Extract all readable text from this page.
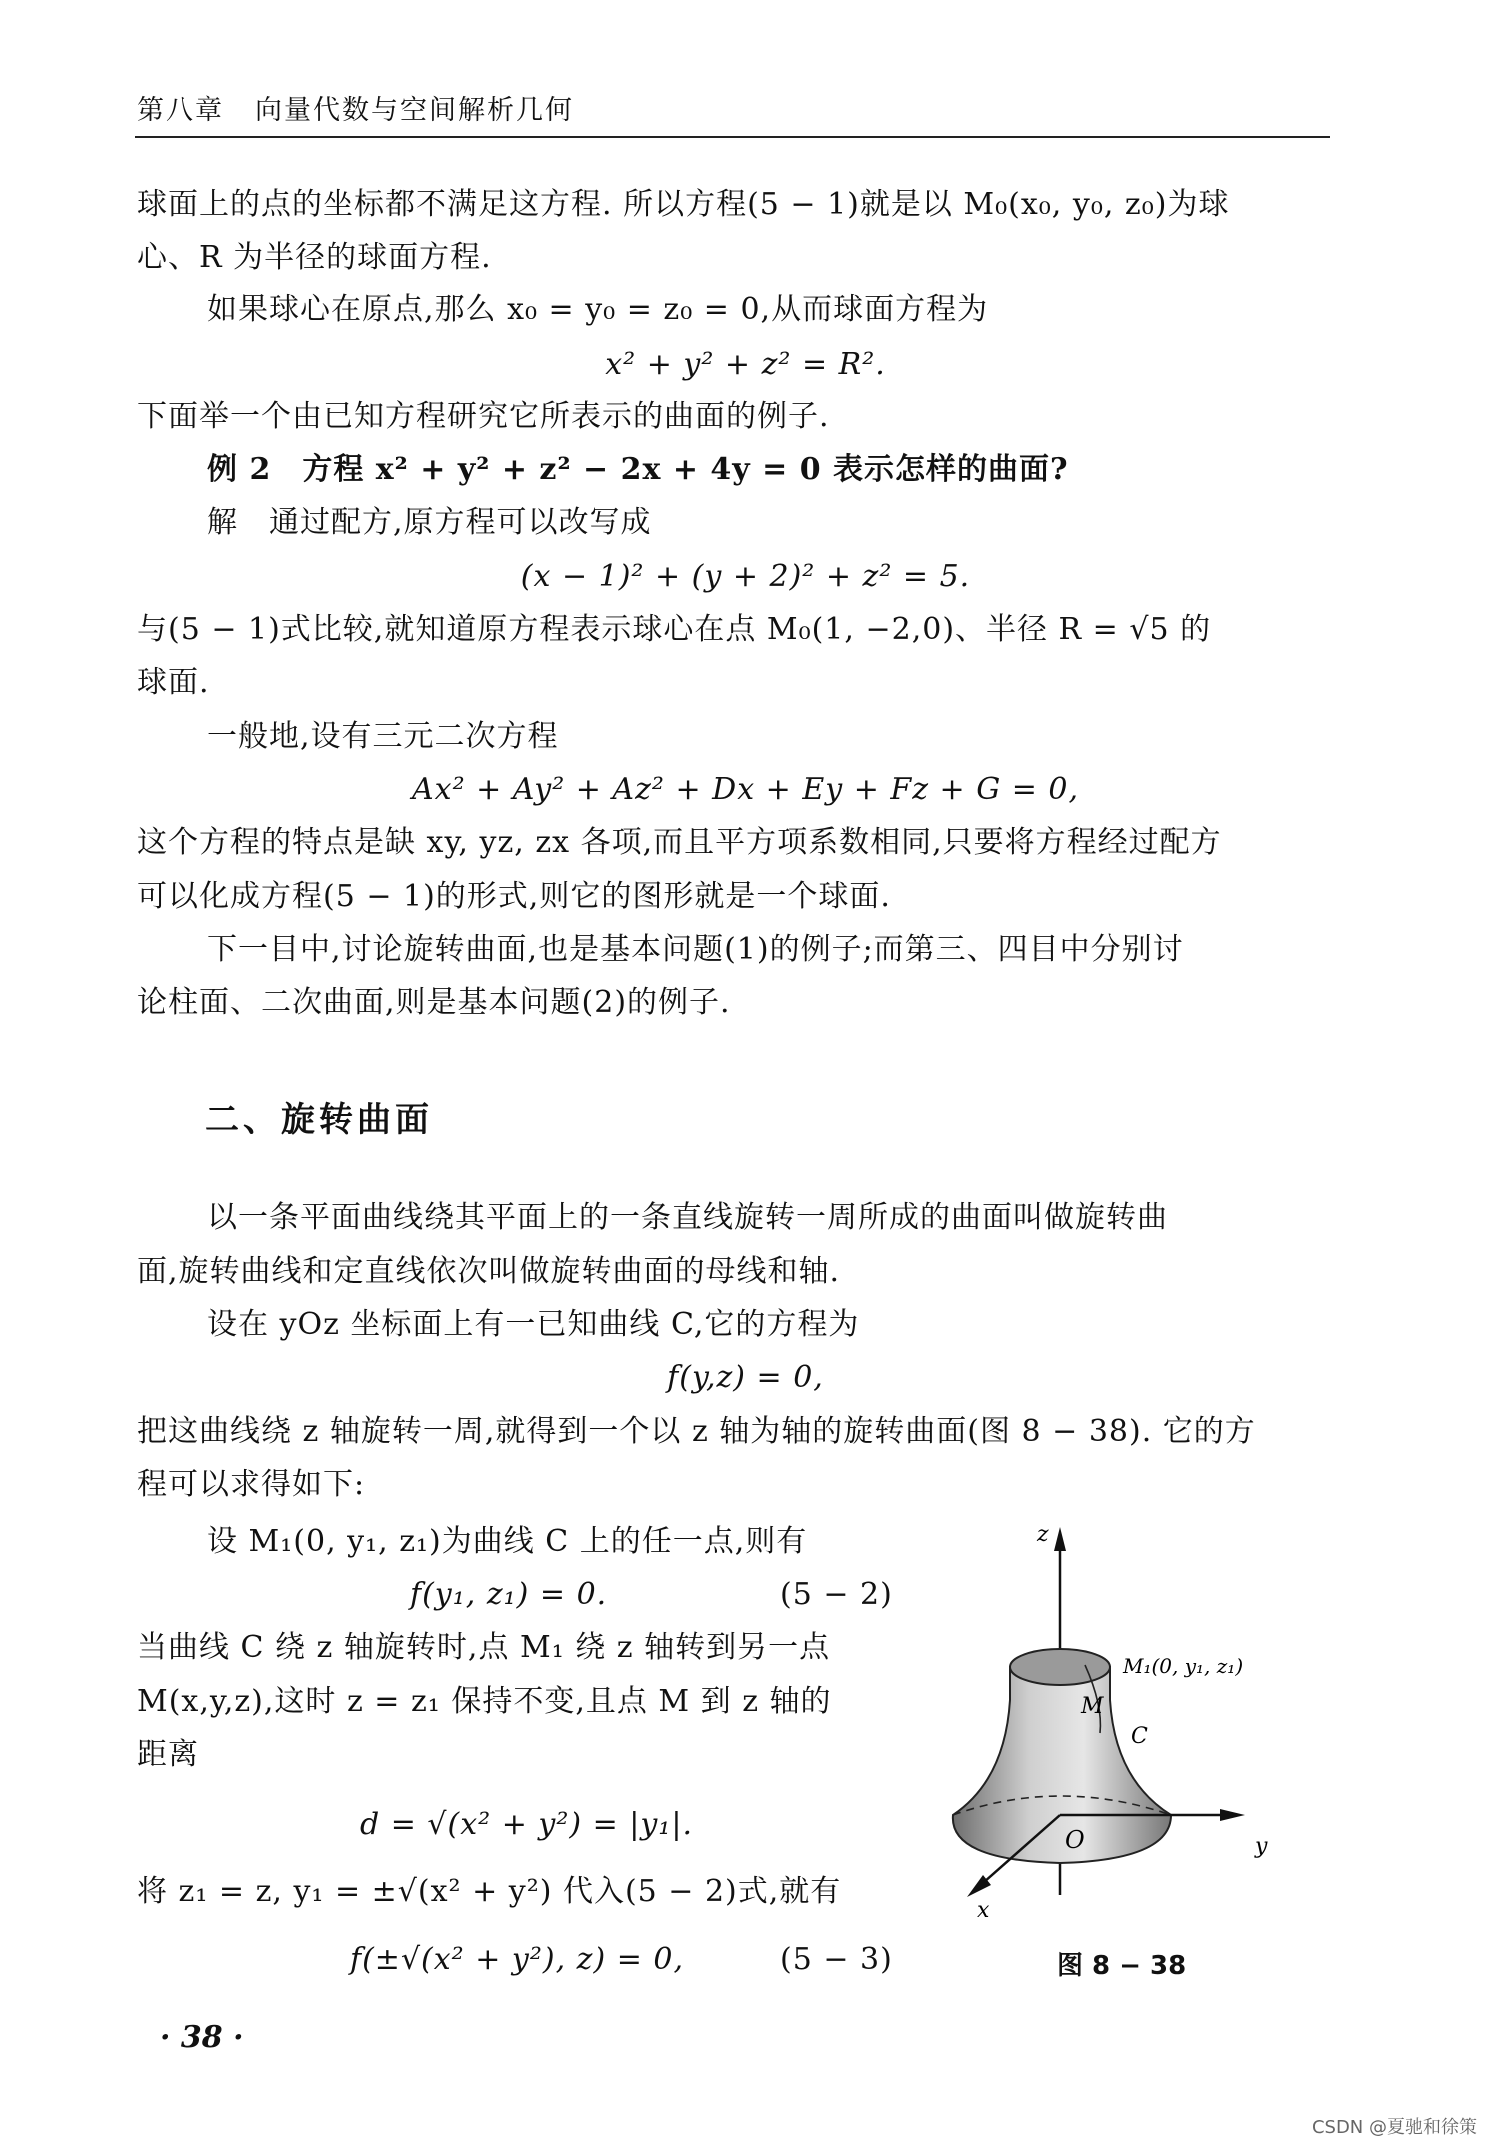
第八章 向量代数与空间解析几何
球面上的点的坐标都不满足这方程. 所以方程(5 − 1)就是以 M₀(x₀, y₀, z₀)为球
心、R 为半径的球面方程.
如果球心在原点,那么 x₀ = y₀ = z₀ = 0,从而球面方程为
x² + y² + z² = R².
下面举一个由已知方程研究它所表示的曲面的例子.
例 2　方程 x² + y² + z² − 2x + 4y = 0 表示怎样的曲面?
解　通过配方,原方程可以改写成
(x − 1)² + (y + 2)² + z² = 5.
与(5 − 1)式比较,就知道原方程表示球心在点 M₀(1, −2,0)、半径 R = √5 的
球面.
一般地,设有三元二次方程
Ax² + Ay² + Az² + Dx + Ey + Fz + G = 0,
这个方程的特点是缺 xy, yz, zx 各项,而且平方项系数相同,只要将方程经过配方
可以化成方程(5 − 1)的形式,则它的图形就是一个球面.
下一目中,讨论旋转曲面,也是基本问题(1)的例子;而第三、四目中分别讨
论柱面、二次曲面,则是基本问题(2)的例子.
二、旋转曲面
以一条平面曲线绕其平面上的一条直线旋转一周所成的曲面叫做旋转曲
面,旋转曲线和定直线依次叫做旋转曲面的母线和轴.
设在 yOz 坐标面上有一已知曲线 C,它的方程为
f(y,z) = 0,
把这曲线绕 z 轴旋转一周,就得到一个以 z 轴为轴的旋转曲面(图 8 − 38). 它的方
程可以求得如下:
设 M₁(0, y₁, z₁)为曲线 C 上的任一点,则有
f(y₁, z₁) = 0.	(5 − 2)
当曲线 C 绕 z 轴旋转时,点 M₁ 绕 z 轴转到另一点
M(x,y,z),这时 z = z₁ 保持不变,且点 M 到 z 轴的
距离
d = √(x² + y²) = |y₁|.
将 z₁ = z, y₁ = ±√(x² + y²) 代入(5 − 2)式,就有
f(±√(x² + y²), z) = 0,	(5 − 3)
z
y
x
O
M₁(0, y₁, z₁)
M
C
图 8 − 38
· 38 ·
CSDN @夏驰和徐策
